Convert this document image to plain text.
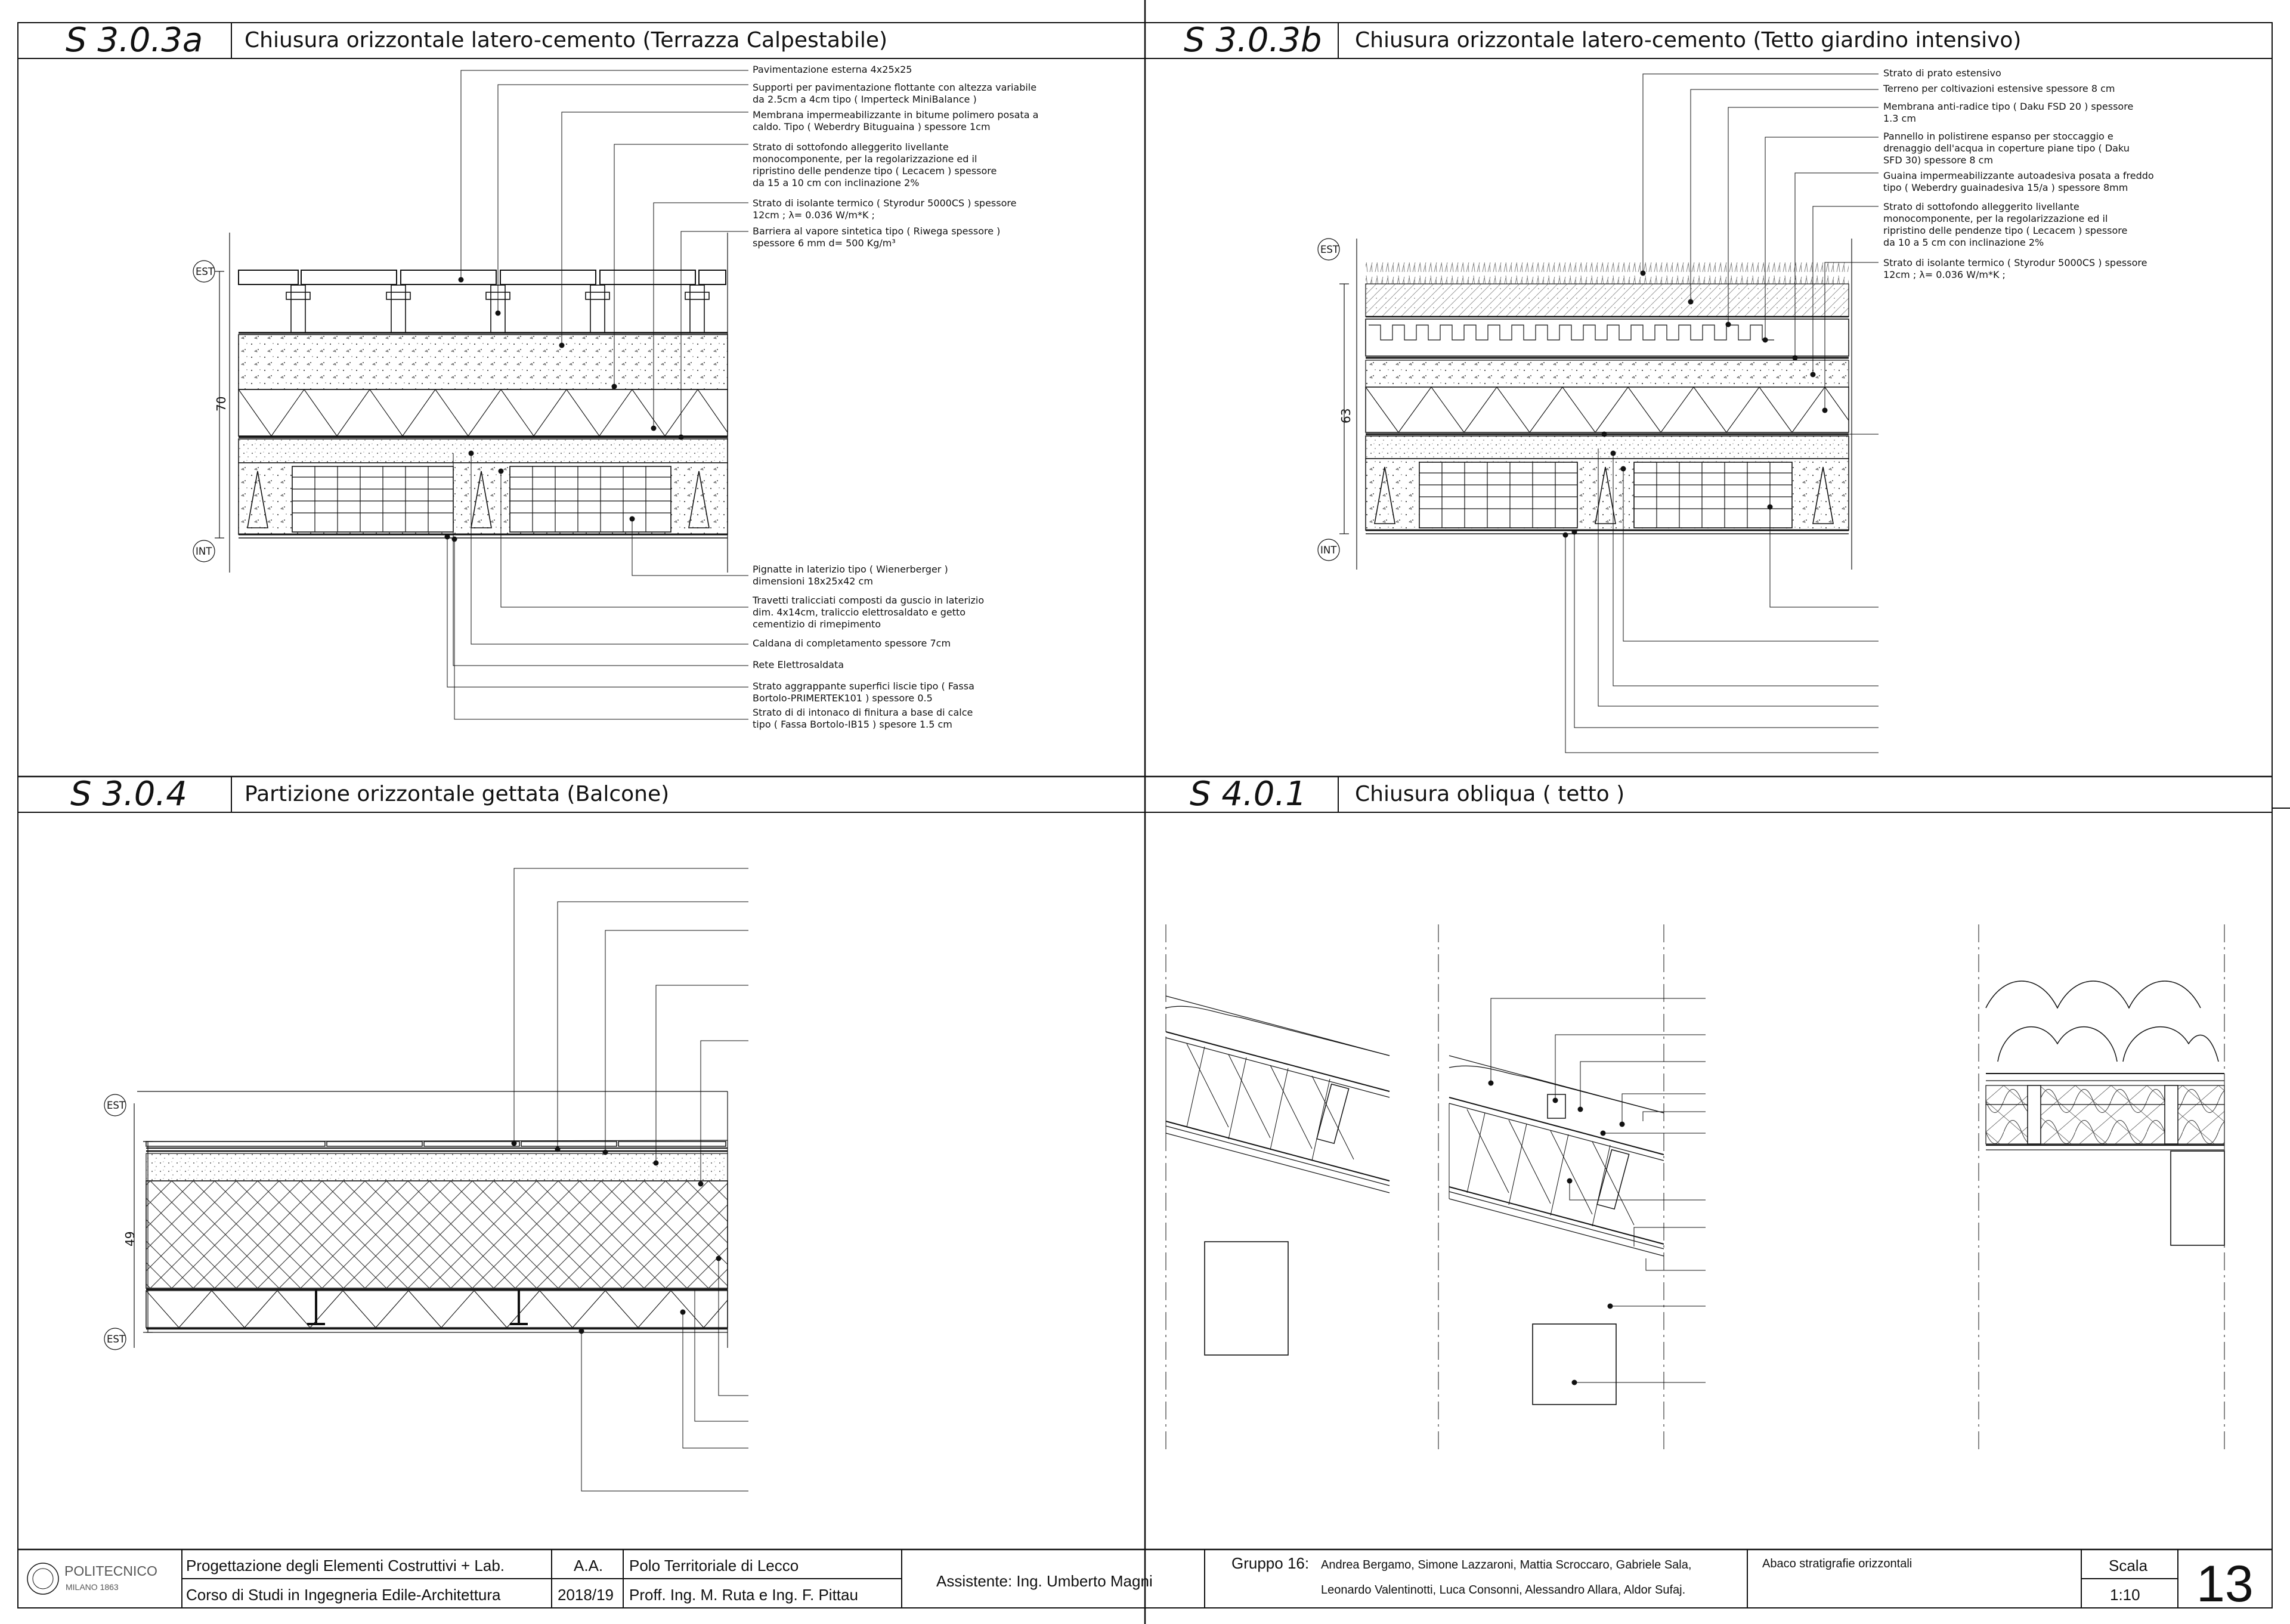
S 3.0.3a Chiusura orizzontale latero-cemento (Terrazza Calpestabile)	S 3.0.3b Chiusura orizzontale latero-cemento (Tetto giardino intensivo)
S 3.0.4	Partizione orizzontale gettata (Balcone)	S 4.0.1 Chiusura obliqua ( tetto )
70
EST
INT
Pavimentazione esterna 4x25x25
Supporti per pavimentazione flottante con altezza variabile
da 2.5cm a 4cm tipo ( Imperteck MiniBalance )
Membrana impermeabilizzante in bitume polimero posata a
caldo. Tipo ( Weberdry Bituguaina ) spessore 1cm
Strato di sottofondo alleggerito livellante
monocomponente, per la regolarizzazione ed il
ripristino delle pendenze tipo ( Lecacem ) spessore
da 15 a 10 cm con inclinazione 2%
Strato di isolante termico ( Styrodur 5000CS ) spessore
12cm ; λ= 0.036 W/m*K ;
Barriera al vapore sintetica tipo ( Riwega spessore )
spessore 6 mm d= 500 Kg/m³
Pignatte in laterizio tipo ( Wienerberger )
dimensioni 18x25x42 cm
Travetti tralicciati composti da guscio in laterizio
dim. 4x14cm, traliccio elettrosaldato e getto
cementizio di rimepimento
Caldana di completamento spessore 7cm
Rete Elettrosaldata
Strato aggrappante superfici liscie tipo ( Fassa
Bortolo-PRIMERTEK101 ) spessore 0.5
Strato di di intonaco di finitura a base di calce
tipo ( Fassa Bortolo-IB15 ) spesore 1.5 cm
63
EST
INT
Strato di prato estensivo
Terreno per coltivazioni estensive spessore 8 cm
Membrana anti-radice tipo ( Daku FSD 20 ) spessore
1.3 cm
Pannello in polistirene espanso per stoccaggio e
drenaggio dell'acqua in coperture piane tipo ( Daku
SFD 30) spessore 8 cm
Guaina impermeabilizzante autoadesiva posata a freddo
tipo ( Weberdry guainadesiva 15/a ) spessore 8mm
Strato di sottofondo alleggerito livellante
monocomponente, per la regolarizzazione ed il
ripristino delle pendenze tipo ( Lecacem ) spessore
da 10 a 5 cm con inclinazione 2%
Strato di isolante termico ( Styrodur 5000CS ) spessore
12cm ; λ= 0.036 W/m*K ;
49
EST
EST
POLITECNICO
MILANO 1863
Progettazione degli Elementi Costruttivi + Lab.
Corso di Studi in Ingegneria Edile-Architettura
A.A.
2018/19
Polo Territoriale di Lecco
Proff. Ing. M. Ruta e Ing. F. Pittau
Assistente: Ing. Umberto Magni
Gruppo 16: Andrea Bergamo, Simone Lazzaroni, Mattia Scroccaro, Gabriele Sala,
Leonardo Valentinotti, Luca Consonni, Alessandro Allara, Aldor Sufaj.
Abaco stratigrafie orizzontali	Scala
1:10 13
